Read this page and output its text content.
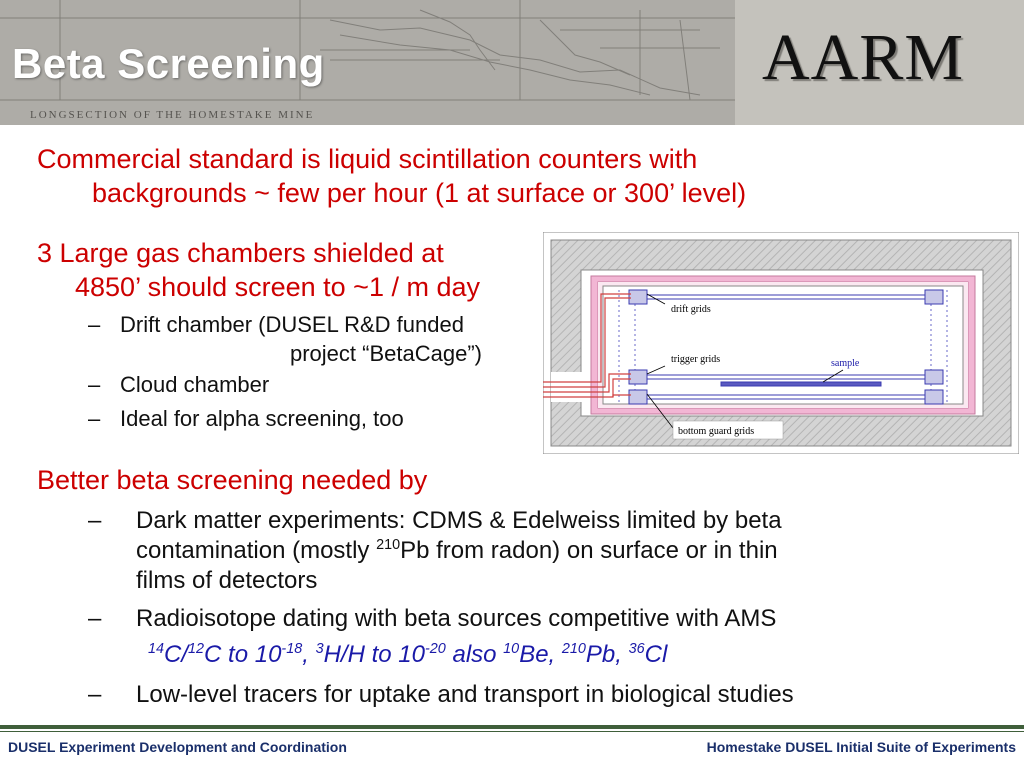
Beta Screening
LONGSECTION OF THE HOMESTAKE MINE
AARM
Commercial standard is liquid scintillation counters with
backgrounds ~ few per hour (1 at surface or 300’ level)
3 Large gas chambers shielded at
4850’ should screen to ~1 / m day
– Drift chamber (DUSEL R&D funded
project “BetaCage”)
– Cloud chamber
– Ideal for alpha screening, too
drift grids
trigger grids	sample
bottom guard grids
Better beta screening needed by
– Dark matter experiments: CDMS & Edelweiss limited by beta
contamination (mostly $^{210}$Pb from radon) on surface or in thin
films of detectors
– Radioisotope dating with beta sources competitive with AMS
$^{14}$C/$^{12}$C to $10^{-18}$, $^3$H/H to $10^{-20}$ also $^{10}$Be, $^{210}$Pb, $^{36}$Cl
– Low-level tracers for uptake and transport in biological studies
DUSEL Experiment Development and Coordination	Homestake DUSEL Initial Suite of Experiments
